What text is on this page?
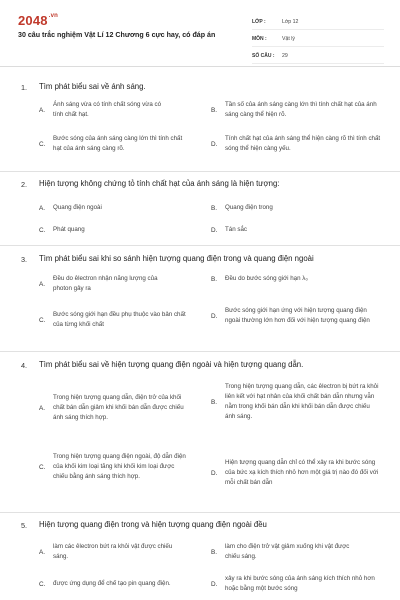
$2048^{.vn}$
30 câu trắc nghiệm Vật Lí 12 Chương 6 cực hay, có đáp án
LỚP :	Lớp 12
MÔN :	Vật lý
SỐ CÂU :	29
1. Tìm phát biểu sai về ánh sáng.
A.
Ánh sáng vừa có tính chất sóng vừa có tính chất hạt.
B.
Tần số của ánh sáng càng lớn thì tính chất hạt của ánh sáng càng thể hiện rõ.
C.
Bước sóng của ánh sáng càng lớn thì tính chất hạt của ánh sáng càng rõ.
D.
Tính chất hạt của ánh sáng thể hiện càng rõ thì tính chất sóng thể hiện càng yếu.
2. Hiện tượng không chứng tỏ tính chất hạt của ánh sáng là hiện tượng:
A.	Quang điện ngoài	B.	Quang điện trong
C.	Phát quang	D.	Tán sắc
3. Tìm phát biểu sai khi so sánh hiện tượng quang điện trong và quang điện ngoài
A.
Đều do êlectron nhận năng lượng của photon gây ra
B.	Đều do bước sóng giới hạn λ₀
C.
Bước sóng giới hạn đều phụ thuộc vào bản chất của từng khối chất
D.
Bước sóng giới hạn ứng với hiện tượng quang điện ngoài thường lớn hơn đối với hiện tượng quang điện
4. Tìm phát biểu sai về hiện tượng quang điện ngoài và hiện tượng quang dẫn.
A.
Trong hiện tượng quang dẫn, điện trở của khối chất bán dẫn giảm khi khối bán dẫn được chiếu ánh sáng thích hợp.
B.
Trong hiện tượng quang dẫn, các êlectron bị bứt ra khỏi liên kết với hạt nhân của khối chất bán dẫn nhưng vẫn nằm trong khối bán dẫn khi khối bán dẫn được chiếu ánh sáng.
C.
Trong hiện tượng quang điện ngoài, độ dẫn điện của khối kim loại tăng khi khối kim loại được chiếu bằng ánh sáng thích hợp.	D.
Hiện tượng quang dẫn chỉ có thể xảy ra khi bước sóng của bức xạ kích thích nhỏ hơn một giá trị nào đó đối với mỗi chất bán dẫn
5. Hiện tượng quang điện trong và hiện tượng quang điện ngoài đều
A.
làm các êlectron bứt ra khỏi vật được chiếu sáng.
B.
làm cho điện trở vật giảm xuống khi vật được chiếu sáng.
C.	được ứng dụng để chế tạo pin quang điện.	D.
xảy ra khi bước sóng của ánh sáng kích thích nhỏ hơn hoặc bằng một bước sóng
